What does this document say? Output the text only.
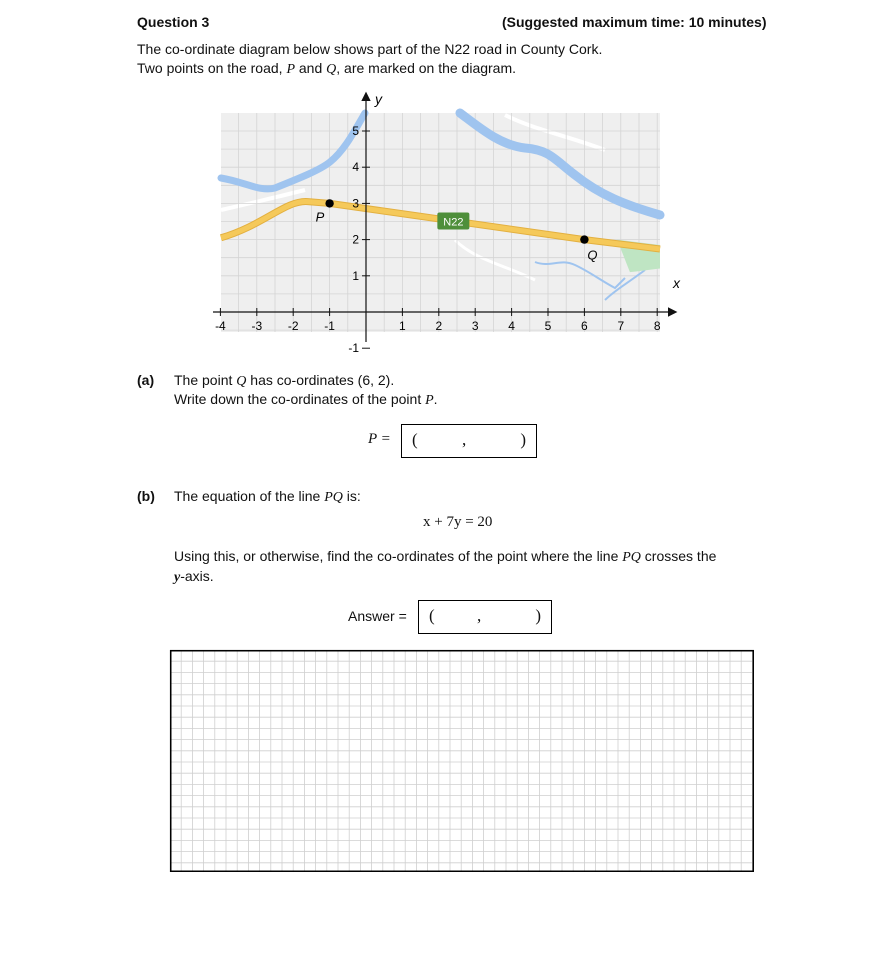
Question 3	(Suggested maximum time: 10 minutes)
The co-ordinate diagram below shows part of the N22 road in County Cork.
Two points on the road, P and Q, are marked on the diagram.
N22
P
Q
x
y
-4 -3 -2 -1	1 2 3 4 5 6 7 8
-1
1
2
3
4
5
(a) The point Q has co-ordinates (6, 2).
Write down the co-ordinates of the point P.
P = (	,	)
(b) The equation of the line PQ is:
x + 7y = 20
Using this, or otherwise, find the co-ordinates of the point where the line PQ crosses the
y-axis.
Answer = ( ,	)
